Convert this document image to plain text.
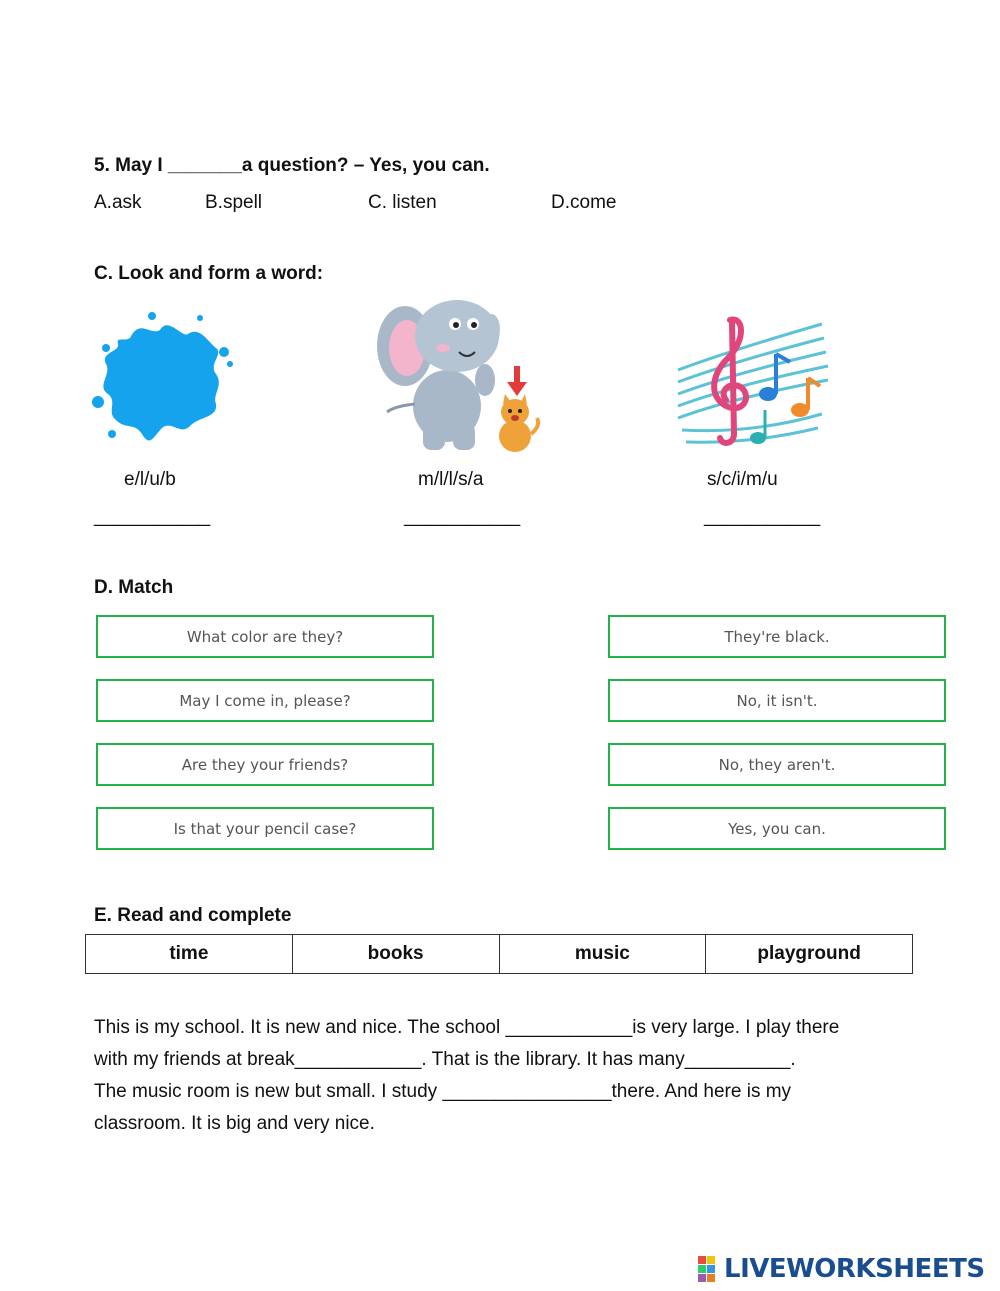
5. May I _______a question? – Yes, you can.
A.ask	B.spell	C. listen	D.come
C. Look and form a word:
e/l/u/b	m/l/l/s/a	s/c/i/m/u
___________	___________	___________
D. Match
What color are they?
May I come in, please?
Are they your friends?
Is that your pencil case?
They're black.
No, it isn't.
No, they aren't.
Yes, you can.
E. Read and complete
time	books	music	playground
This is my school. It is new and nice. The school ____________is very large. I play there
with my friends at break____________. That is the library. It has many__________.
The music room is new but small. I study ________________there. And here is my
classroom. It is big and very nice.
LIVEWORKSHEETS
